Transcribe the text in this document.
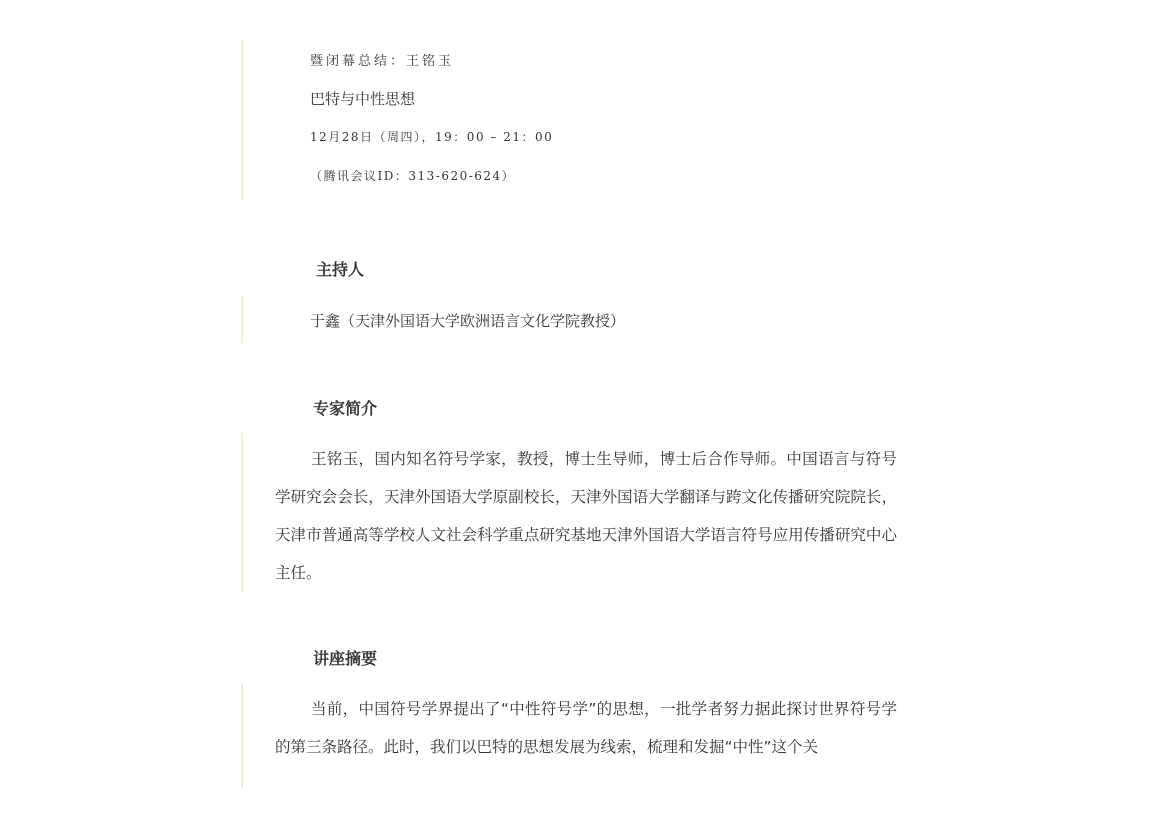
暨闭幕总结：王铭玉
巴特与中性思想
12月28日（周四），19：00 – 21：00
（腾讯会议ID：313-620-624）
主持人
于鑫（天津外国语大学欧洲语言文化学院教授）
专家简介
王铭玉，国内知名符号学家，教授，博士生导师，博士后合作导师。中国语言与符号学研究会会长，天津外国语大学原副校长，天津外国语大学翻译与跨文化传播研究院院长，天津市普通高等学校人文社会科学重点研究基地天津外国语大学语言符号应用传播研究中心主任。
讲座摘要
当前，中国符号学界提出了“中性符号学”的思想，一批学者努力据此探讨世界符号学的第三条路径。此时，我们以巴特的思想发展为线索，梳理和发掘“中性”这个关
